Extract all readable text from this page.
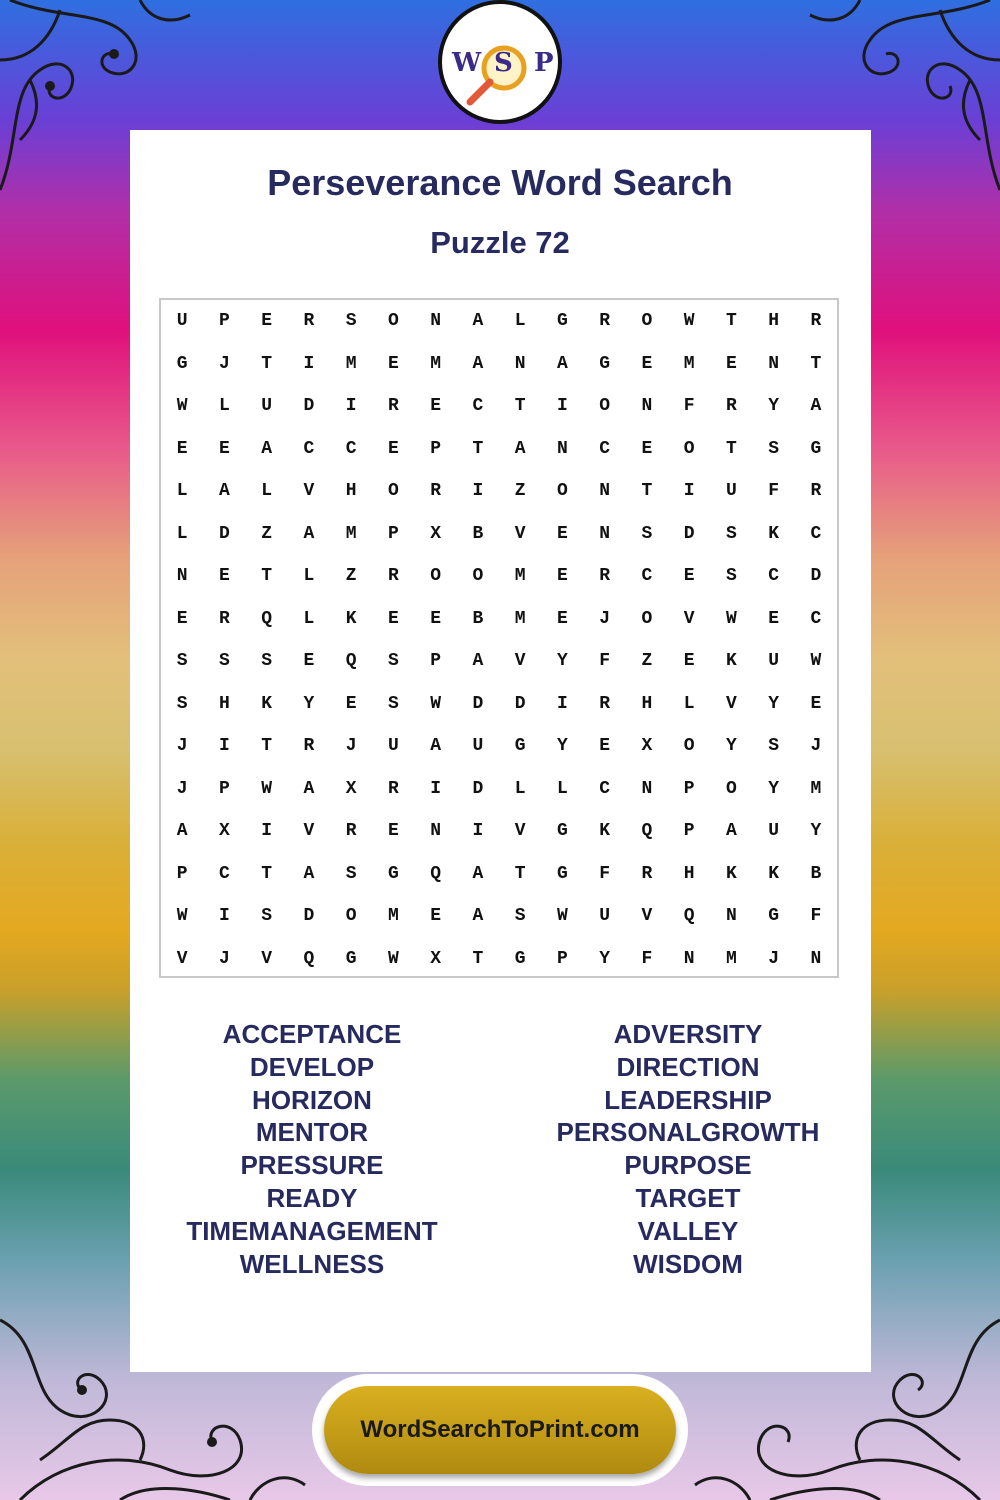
W S P
Perseverance Word Search
Puzzle 72
U	P	E	R	S	O	N	A	L	G	R	O	W	T	H	R
G	J	T	I	M	E	M	A	N	A	G	E	M	E	N	T
W	L	U	D	I	R	E	C	T	I	O	N	F	R	Y	A
E	E	A	C	C	E	P	T	A	N	C	E	O	T	S	G
L	A	L	V	H	O	R	I	Z	O	N	T	I	U	F	R
L	D	Z	A	M	P	X	B	V	E	N	S	D	S	K	C
N	E	T	L	Z	R	O	O	M	E	R	C	E	S	C	D
E	R	Q	L	K	E	E	B	M	E	J	O	V	W	E	C
S	S	S	E	Q	S	P	A	V	Y	F	Z	E	K	U	W
S	H	K	Y	E	S	W	D	D	I	R	H	L	V	Y	E
J	I	T	R	J	U	A	U	G	Y	E	X	O	Y	S	J
J	P	W	A	X	R	I	D	L	L	C	N	P	O	Y	M
A	X	I	V	R	E	N	I	V	G	K	Q	P	A	U	Y
P	C	T	A	S	G	Q	A	T	G	F	R	H	K	K	B
W	I	S	D	O	M	E	A	S	W	U	V	Q	N	G	F
V	J	V	Q	G	W	X	T	G	P	Y	F	N	M	J	N
ACCEPTANCE
DEVELOP
HORIZON
MENTOR
PRESSURE
READY
TIMEMANAGEMENT
WELLNESS
ADVERSITY
DIRECTION
LEADERSHIP
PERSONALGROWTH
PURPOSE
TARGET
VALLEY
WISDOM
WordSearchToPrint.com
